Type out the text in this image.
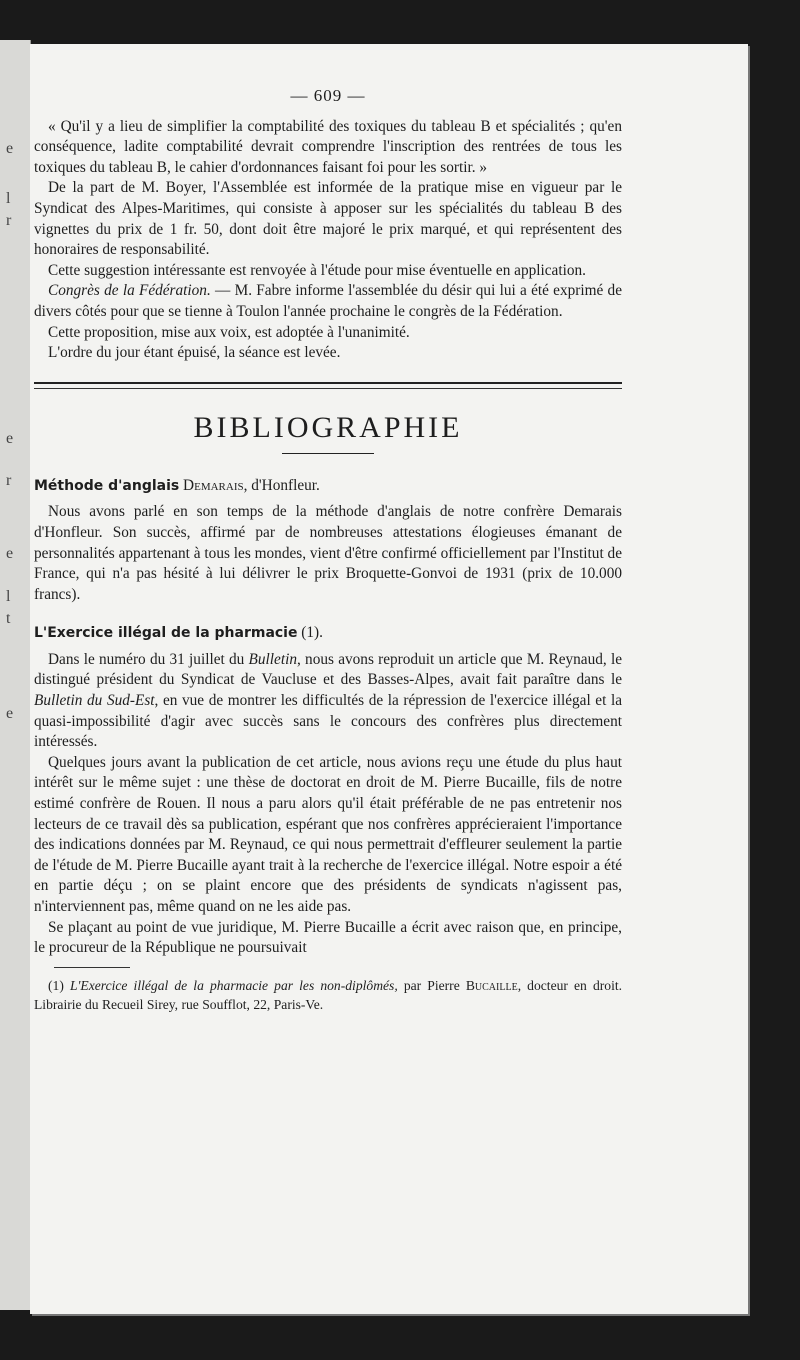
e
l
r
e
r
e
l
t
e
— 609 —

« Qu'il y a lieu de simplifier la comptabilité des toxiques du tableau B et spécialités ; qu'en conséquence, ladite comptabilité devrait comprendre l'inscription des rentrées de tous les toxiques du tableau B, le cahier d'ordonnances faisant foi pour les sortir. »

De la part de M. Boyer, l'Assemblée est informée de la pratique mise en vigueur par le Syndicat des Alpes-Maritimes, qui consiste à apposer sur les spécialités du tableau B des vignettes du prix de 1 fr. 50, dont doit être majoré le prix marqué, et qui représentent des honoraires de responsabilité.

Cette suggestion intéressante est renvoyée à l'étude pour mise éventuelle en application.

Congrès de la Fédération. — M. Fabre informe l'assemblée du désir qui lui a été exprimé de divers côtés pour que se tienne à Toulon l'année prochaine le congrès de la Fédération.

Cette proposition, mise aux voix, est adoptée à l'unanimité.

L'ordre du jour étant épuisé, la séance est levée.

BIBLIOGRAPHIE

Méthode d'anglais Demarais, d'Honfleur.

Nous avons parlé en son temps de la méthode d'anglais de notre confrère Demarais d'Honfleur. Son succès, affirmé par de nombreuses attestations élogieuses émanant de personnalités appartenant à tous les mondes, vient d'être confirmé officiellement par l'Institut de France, qui n'a pas hésité à lui délivrer le prix Broquette-Gonvoi de 1931 (prix de 10.000 francs).

L'Exercice illégal de la pharmacie (1).

Dans le numéro du 31 juillet du Bulletin, nous avons reproduit un article que M. Reynaud, le distingué président du Syndicat de Vaucluse et des Basses-Alpes, avait fait paraître dans le Bulletin du Sud-Est, en vue de montrer les difficultés de la répression de l'exercice illégal et la quasi-impossibilité d'agir avec succès sans le concours des confrères plus directement intéressés.

Quelques jours avant la publication de cet article, nous avions reçu une étude du plus haut intérêt sur le même sujet : une thèse de doctorat en droit de M. Pierre Bucaille, fils de notre estimé confrère de Rouen. Il nous a paru alors qu'il était préférable de ne pas entretenir nos lecteurs de ce travail dès sa publication, espérant que nos confrères apprécieraient l'importance des indications données par M. Reynaud, ce qui nous permettrait d'effleurer seulement la partie de l'étude de M. Pierre Bucaille ayant trait à la recherche de l'exercice illégal. Notre espoir a été en partie déçu ; on se plaint encore que des présidents de syndicats n'agissent pas, n'interviennent pas, même quand on ne les aide pas.

Se plaçant au point de vue juridique, M. Pierre Bucaille a écrit avec raison que, en principe, le procureur de la République ne poursuivait

(1) L'Exercice illégal de la pharmacie par les non-diplômés, par Pierre Bucaille, docteur en droit. Librairie du Recueil Sirey, rue Soufflot, 22, Paris-Ve.
